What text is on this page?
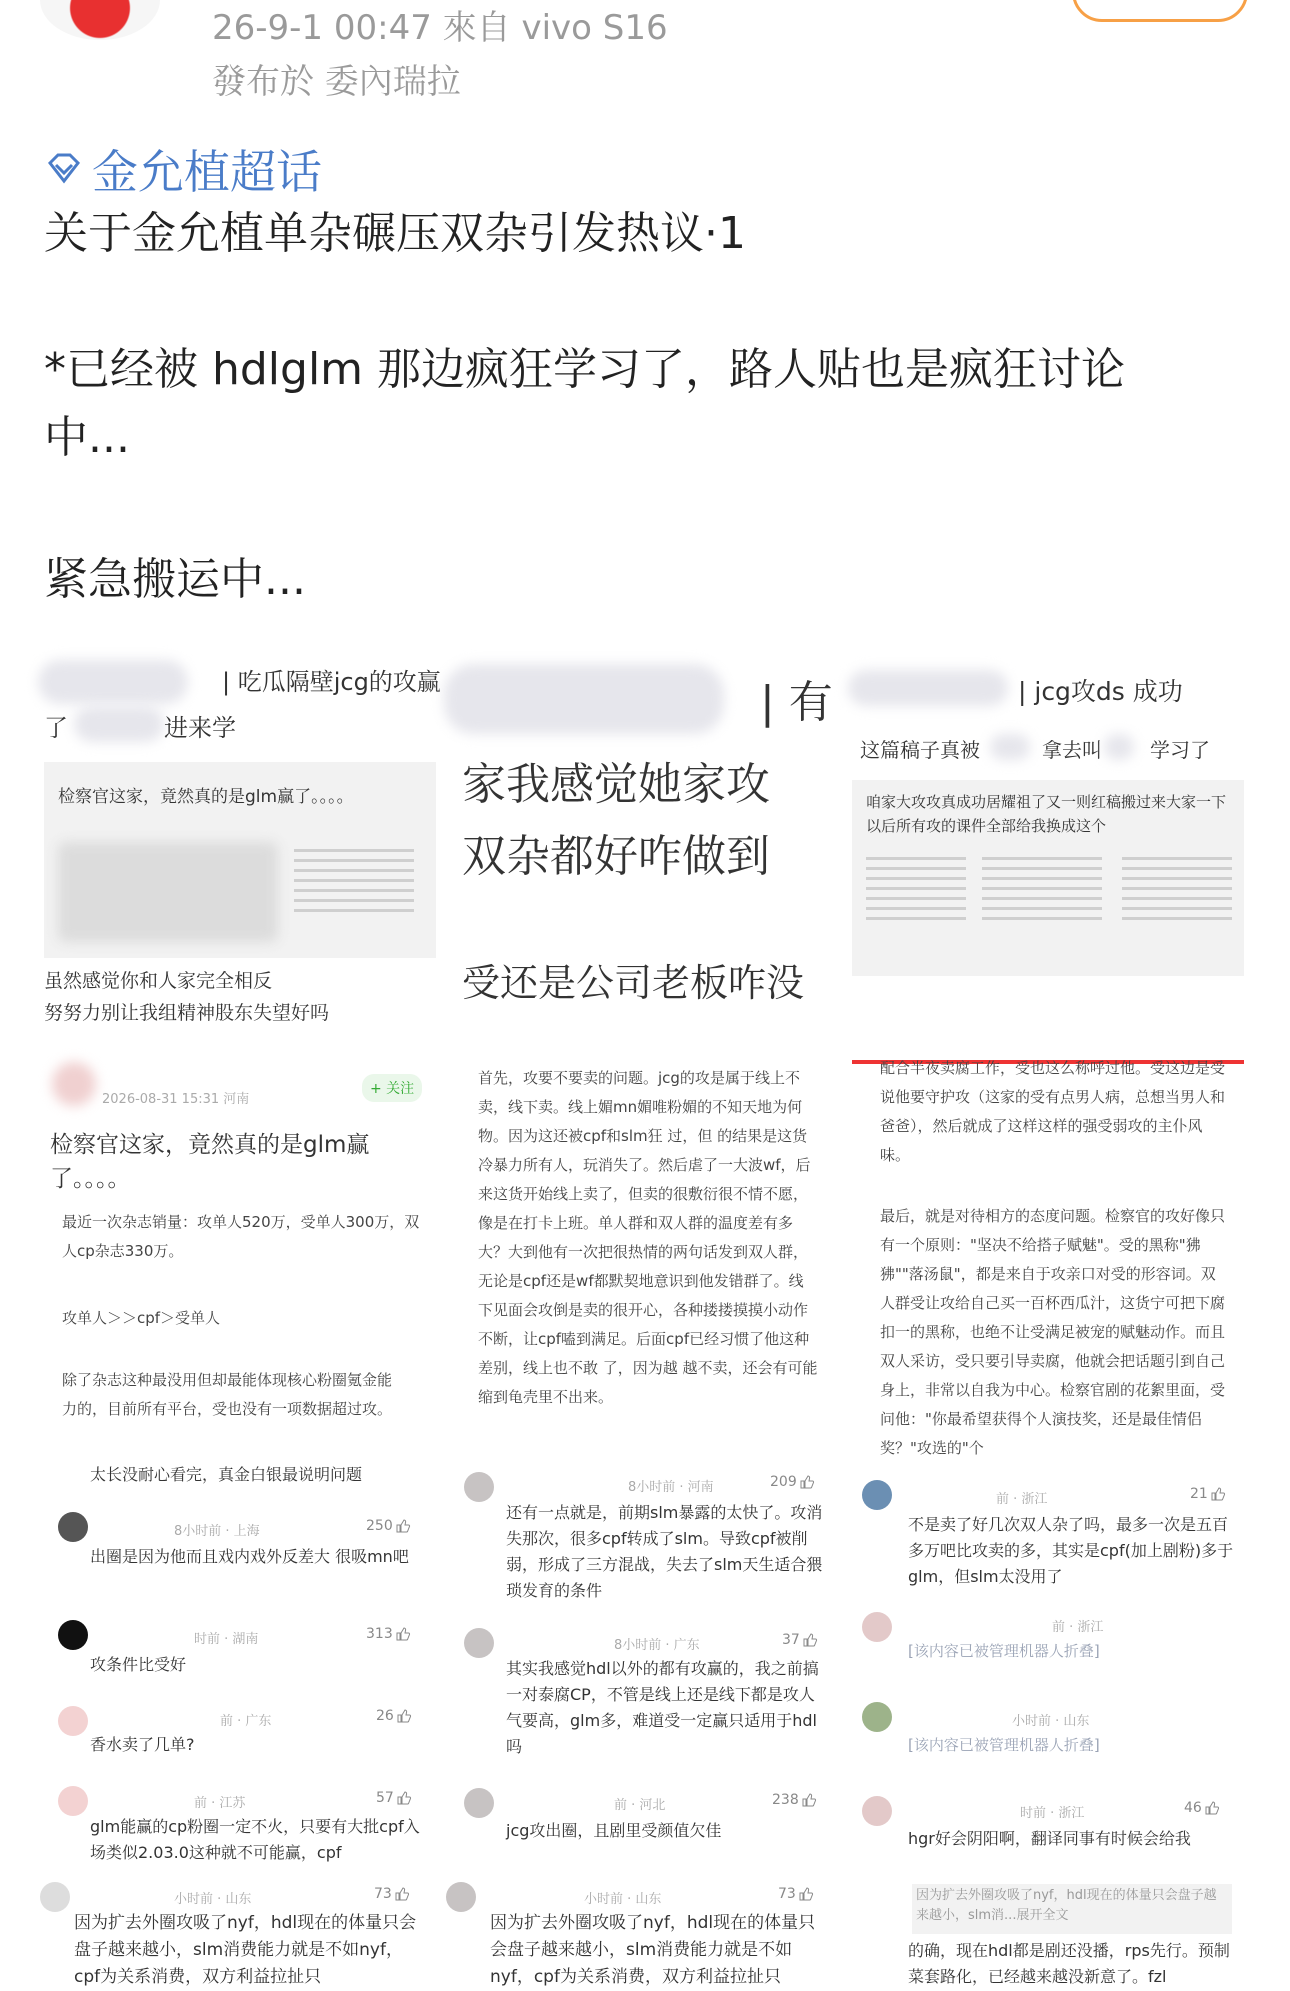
26-9-1 00:47 來自 vivo S16
發布於 委內瑞拉
金允植超话
关于金允植单杂碾压双杂引发热议·1
*已经被 hdlglm 那边疯狂学习了，路人贴也是疯狂讨论中...
紧急搬运中...
| 吃瓜隔壁jcg的攻赢
了	进来学
检察官这家，竟然真的是glm赢了。。。。
虽然感觉你和人家完全相反
努努力别让我组精神股东失望好吗
2026-08-31 15:31 河南
+ 关注
检察官这家，竟然真的是glm赢了。。。。
最近一次杂志销量：攻单人520万，受单人300万，双人cp杂志330万。
攻单人＞＞cpf＞受单人
除了杂志这种最没用但却最能体现核心粉圈氪金能力的，目前所有平台，受也没有一项数据超过攻。
太长没耐心看完，真金白银最说明问题
8小时前 · 上海	250
出圈是因为他而且戏内戏外反差大 很吸mn吧
时前 · 湖南	313
攻条件比受好
前 · 广东	26
香水卖了几单?
前 · 江苏	57
glm能赢的cp粉圈一定不火，只要有大批cpf入场类似2.03.0这种就不可能赢，cpf
小时前 · 山东	73
因为扩去外圈攻吸了nyf，hdl现在的体量只会盘子越来越小，slm消费能力就是不如nyf，cpf为关系消费，双方利益拉扯只
| 有
家我感觉她家攻
双杂都好咋做到
受还是公司老板咋没
首先，攻要不要卖的问题。jcg的攻是属于线上不卖，线下卖。线上媚mn媚唯粉媚的不知天地为何物。因为这还被cpf和slm狂 过，但 的结果是这货冷暴力所有人，玩消失了。然后虐了一大波wf，后来这货开始线上卖了，但卖的很敷衍很不情不愿，像是在打卡上班。单人群和双人群的温度差有多大？大到他有一次把很热情的两句话发到双人群，无论是cpf还是wf都默契地意识到他发错群了。线下见面会攻倒是卖的很开心，各种搂搂摸摸小动作不断，让cpf嗑到满足。后面cpf已经习惯了他这种差别，线上也不敢 了，因为越 越不卖，还会有可能缩到龟壳里不出来。
8小时前 · 河南	209
还有一点就是，前期slm暴露的太快了。攻消失那次，很多cpf转成了slm。导致cpf被削弱，形成了三方混战，失去了slm天生适合猥琐发育的条件
8小时前 · 广东	37
其实我感觉hdl以外的都有攻赢的，我之前搞一对泰腐CP，不管是线上还是线下都是攻人气要高，glm多，难道受一定赢只适用于hdl吗
前 · 河北	238
jcg攻出圈，且剧里受颜值欠佳
小时前 · 山东	73
因为扩去外圈攻吸了nyf，hdl现在的体量只会盘子越来越小，slm消费能力就是不如nyf，cpf为关系消费，双方利益拉扯只
| jcg攻ds 成功
这篇稿子真被	拿去叫 学习了
咱家大攻攻真成功居耀祖了又一则红稿搬过来大家一下 以后所有攻的课件全部给我换成这个
配合半夜卖腐工作，受也这么称呼过他。受这边是受说他要守护攻（这家的受有点男人病，总想当男人和爸爸），然后就成了这样这样的强受弱攻的主仆风味。
最后，就是对待相方的态度问题。检察官的攻好像只有一个原则："坚决不给搭子赋魅"。受的黑称"狒狒""落汤鼠"，都是来自于攻亲口对受的形容词。双人群受让攻给自己买一百杯西瓜汁，这货宁可把下腐扣一的黑称，也绝不让受满足被宠的赋魅动作。而且双人采访，受只要引导卖腐，他就会把话题引到自己身上，非常以自我为中心。检察官剧的花絮里面，受问他："你最希望获得个人演技奖，还是最佳情侣奖？"攻选的"个
前 · 浙江	21
不是卖了好几次双人杂了吗，最多一次是五百多万吧比攻卖的多，其实是cpf(加上剧粉)多于glm，但slm太没用了
前 · 浙江
[该内容已被管理机器人折叠]
小时前 · 山东
[该内容已被管理机器人折叠]
时前 · 浙江	46
hgr好会阴阳啊，翻译同事有时候会给我
因为扩去外圈攻吸了nyf，hdl现在的体量只会盘子越来越小，slm消...展开全文
的确，现在hdl都是剧还没播，rps先行。预制菜套路化，已经越来越没新意了。fzl
